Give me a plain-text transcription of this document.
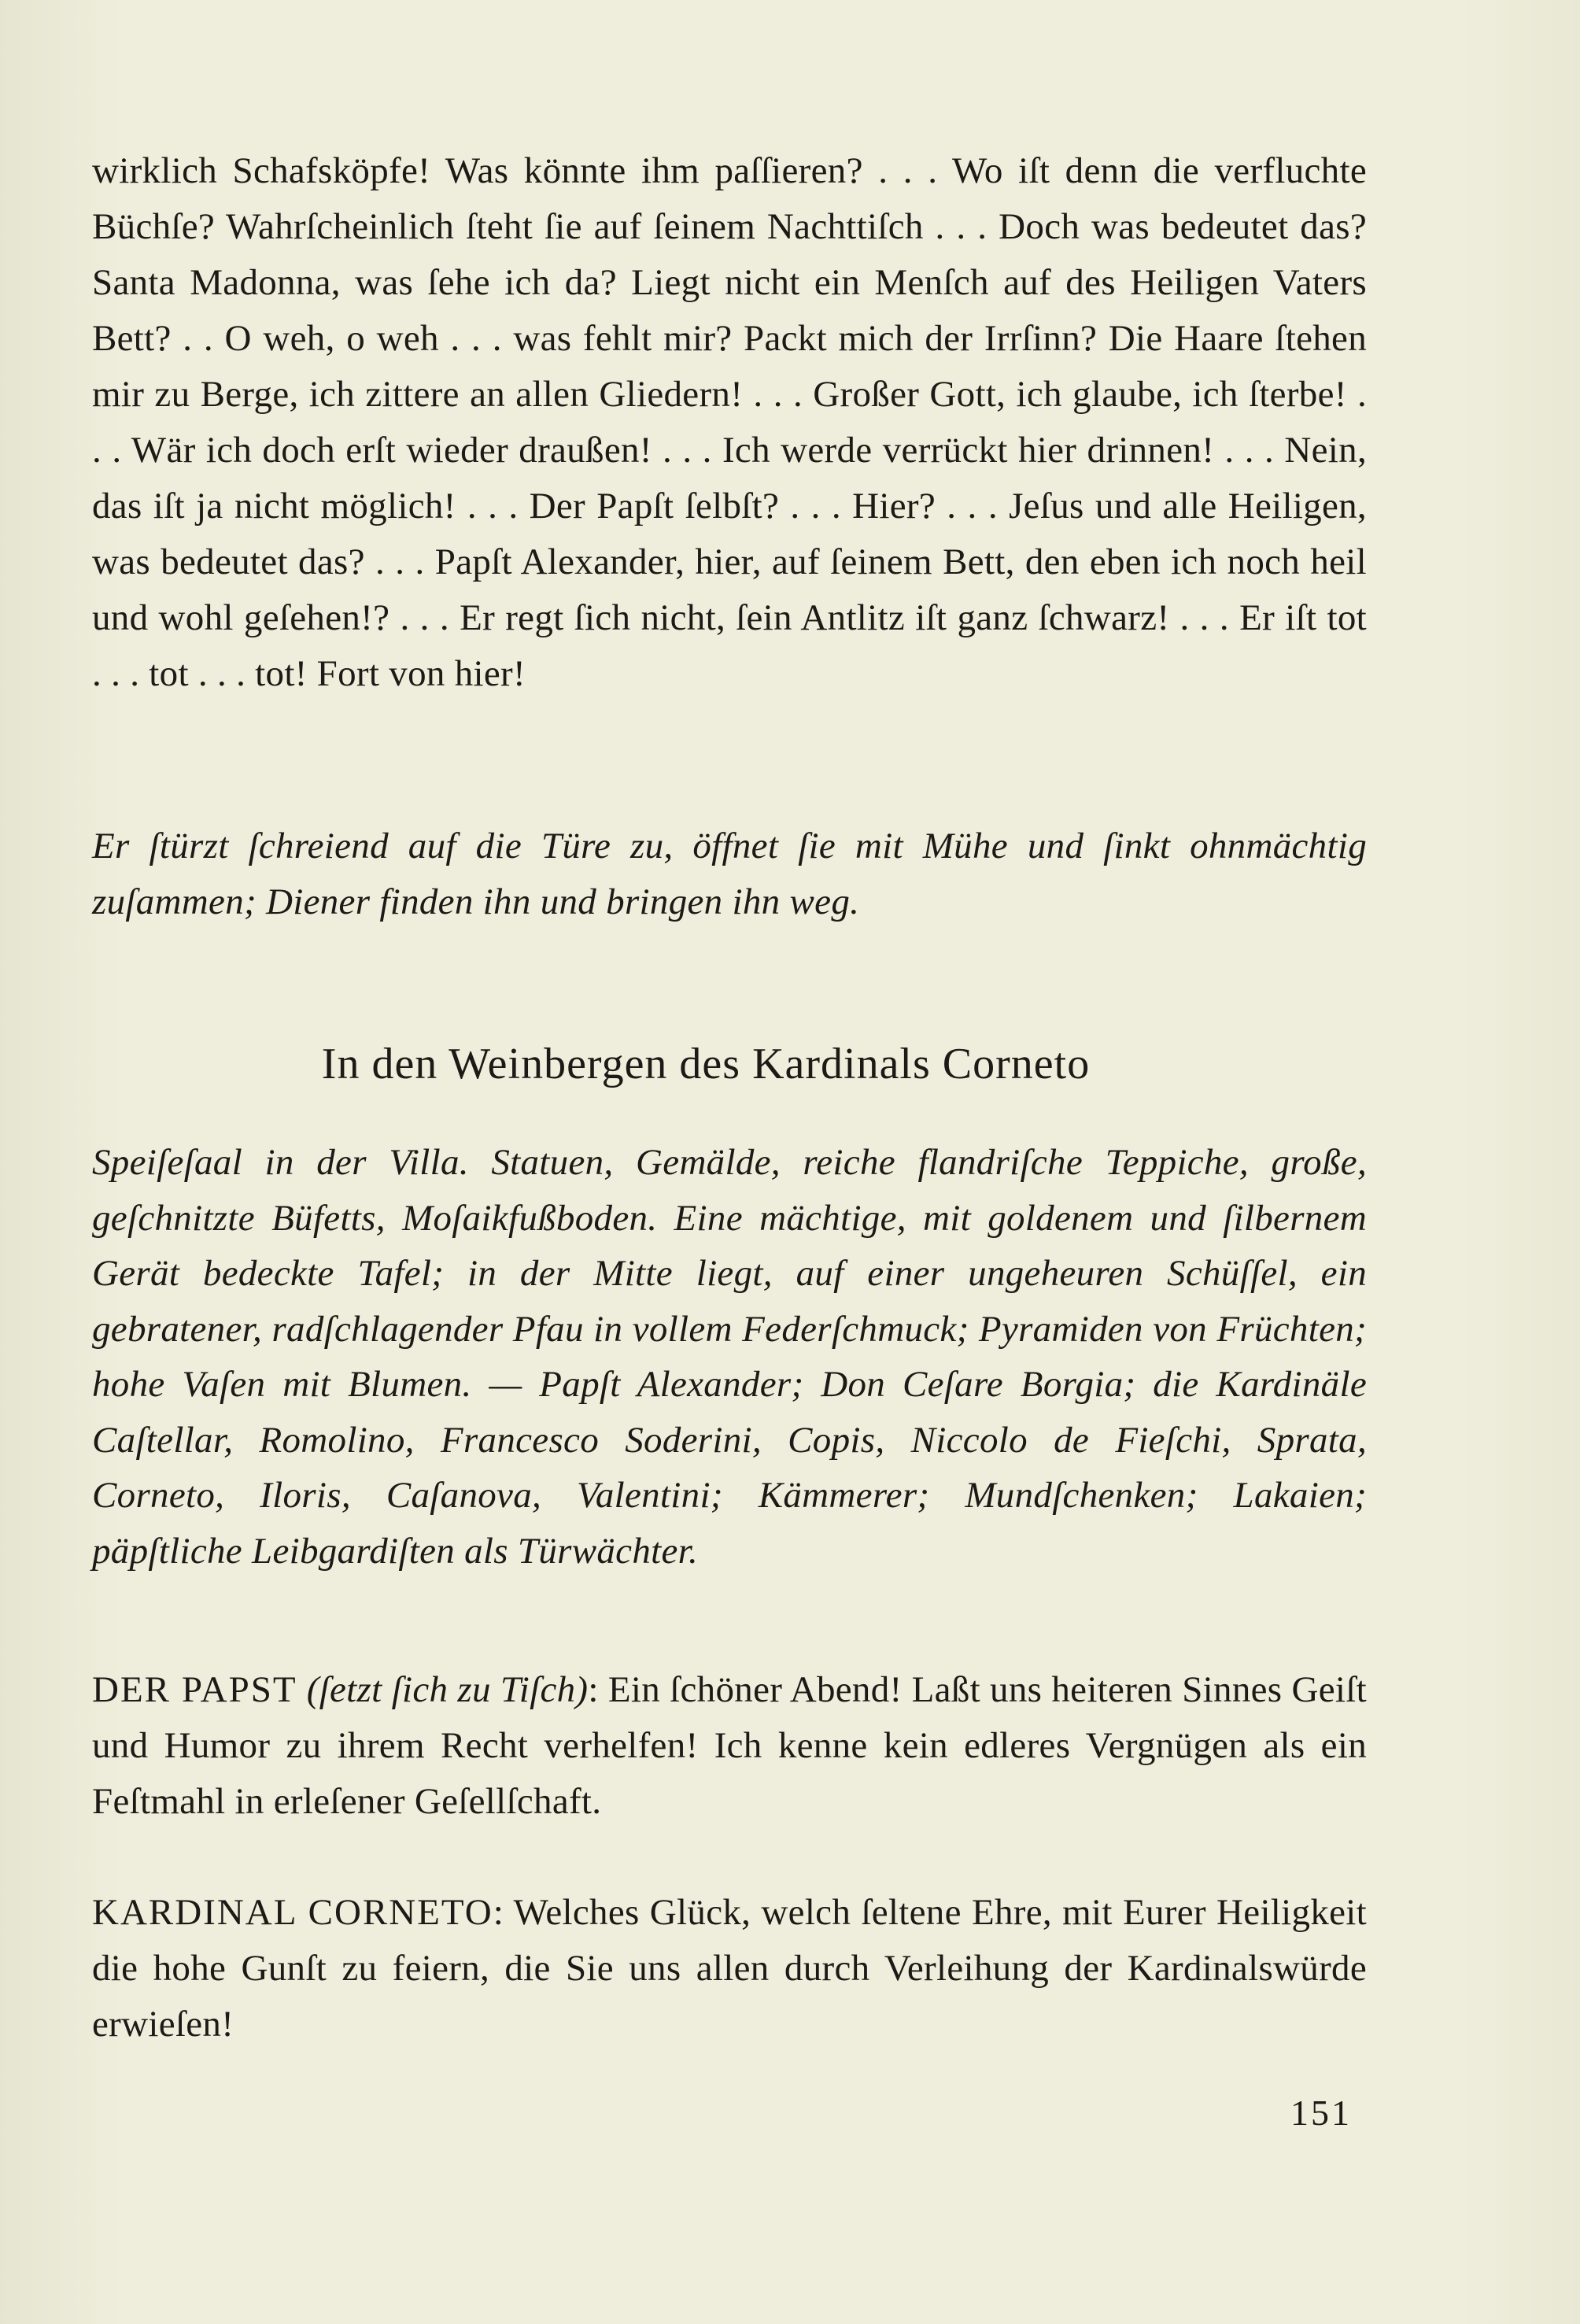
wirklich Schafsköpfe! Was könnte ihm paſſieren? . . . Wo iſt denn die verfluchte Büchſe? Wahrſcheinlich ſteht ſie auf ſeinem Nachttiſch . . . Doch was bedeutet das? Santa Madonna, was ſehe ich da? Liegt nicht ein Menſch auf des Heiligen Vaters Bett? . . O weh, o weh . . . was fehlt mir? Packt mich der Irrſinn? Die Haare ſtehen mir zu Berge, ich zittere an allen Gliedern! . . . Großer Gott, ich glaube, ich ſterbe! . . . Wär ich doch erſt wieder draußen! . . . Ich werde verrückt hier drinnen! . . . Nein, das iſt ja nicht möglich! . . . Der Papſt ſelbſt? . . . Hier? . . . Jeſus und alle Heiligen, was bedeutet das? . . . Papſt Alexander, hier, auf ſeinem Bett, den eben ich noch heil und wohl geſehen!? . . . Er regt ſich nicht, ſein Antlitz iſt ganz ſchwarz! . . . Er iſt tot . . . tot . . . tot! Fort von hier!

Er ſtürzt ſchreiend auf die Türe zu, öffnet ſie mit Mühe und ſinkt ohnmächtig zuſammen; Diener finden ihn und bringen ihn weg.

In den Weinbergen des Kardinals Corneto

Speiſeſaal in der Villa. Statuen, Gemälde, reiche flandriſche Teppiche, große, geſchnitzte Büfetts, Moſaikfußboden. Eine mächtige, mit goldenem und ſilbernem Gerät bedeckte Tafel; in der Mitte liegt, auf einer ungeheuren Schüſſel, ein gebratener, radſchlagender Pfau in vollem Federſchmuck; Pyramiden von Früchten; hohe Vaſen mit Blumen. — Papſt Alexander; Don Ceſare Borgia; die Kardinäle Caſtellar, Romolino, Francesco Soderini, Copis, Niccolo de Fieſchi, Sprata, Corneto, Iloris, Caſanova, Valentini; Kämmerer; Mundſchenken; Lakaien; päpſtliche Leibgardiſten als Türwächter.

DER PAPST (ſetzt ſich zu Tiſch): Ein ſchöner Abend! Laßt uns heiteren Sinnes Geiſt und Humor zu ihrem Recht verhelfen! Ich kenne kein edleres Vergnügen als ein Feſtmahl in erleſener Geſellſchaft.

KARDINAL CORNETO: Welches Glück, welch ſeltene Ehre, mit Eurer Heiligkeit die hohe Gunſt zu feiern, die Sie uns allen durch Verleihung der Kardinalswürde erwieſen!

151
